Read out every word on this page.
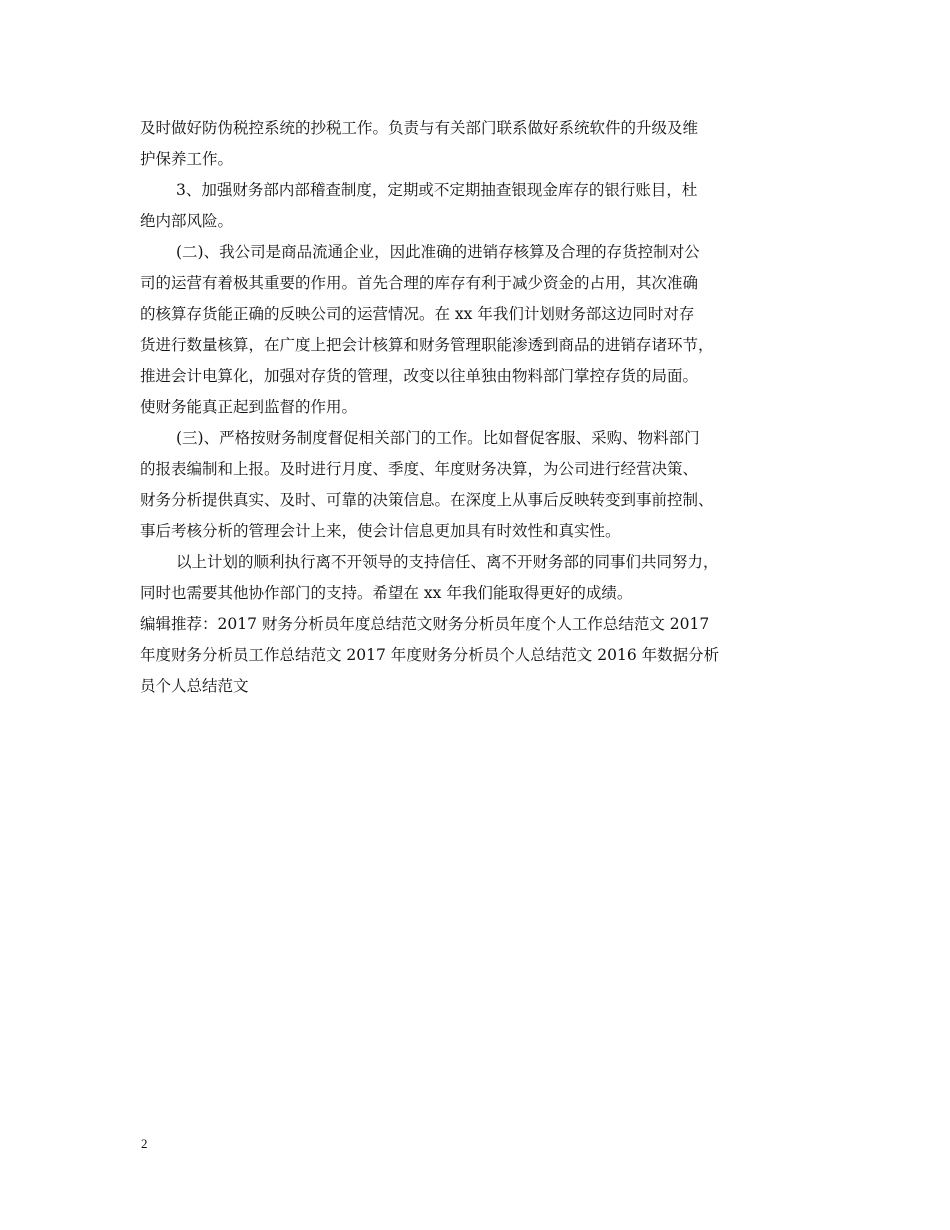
及时做好防伪税控系统的抄税工作。负责与有关部门联系做好系统软件的升级及维
护保养工作。
3、加强财务部内部稽查制度，定期或不定期抽查银现金库存的银行账目，杜
绝内部风险。
(二)、我公司是商品流通企业，因此准确的进销存核算及合理的存货控制对公
司的运营有着极其重要的作用。首先合理的库存有利于减少资金的占用，其次准确
的核算存货能正确的反映公司的运营情况。在 xx 年我们计划财务部这边同时对存
货进行数量核算，在广度上把会计核算和财务管理职能渗透到商品的进销存诸环节，
推进会计电算化，加强对存货的管理，改变以往单独由物料部门掌控存货的局面。
使财务能真正起到监督的作用。
(三)、严格按财务制度督促相关部门的工作。比如督促客服、采购、物料部门
的报表编制和上报。及时进行月度、季度、年度财务决算，为公司进行经营决策、
财务分析提供真实、及时、可靠的决策信息。在深度上从事后反映转变到事前控制、
事后考核分析的管理会计上来，使会计信息更加具有时效性和真实性。
以上计划的顺利执行离不开领导的支持信任、离不开财务部的同事们共同努力，
同时也需要其他协作部门的支持。希望在 xx 年我们能取得更好的成绩。
编辑推荐：2017 财务分析员年度总结范文财务分析员年度个人工作总结范文 2017
年度财务分析员工作总结范文 2017 年度财务分析员个人总结范文 2016 年数据分析
员个人总结范文
2
